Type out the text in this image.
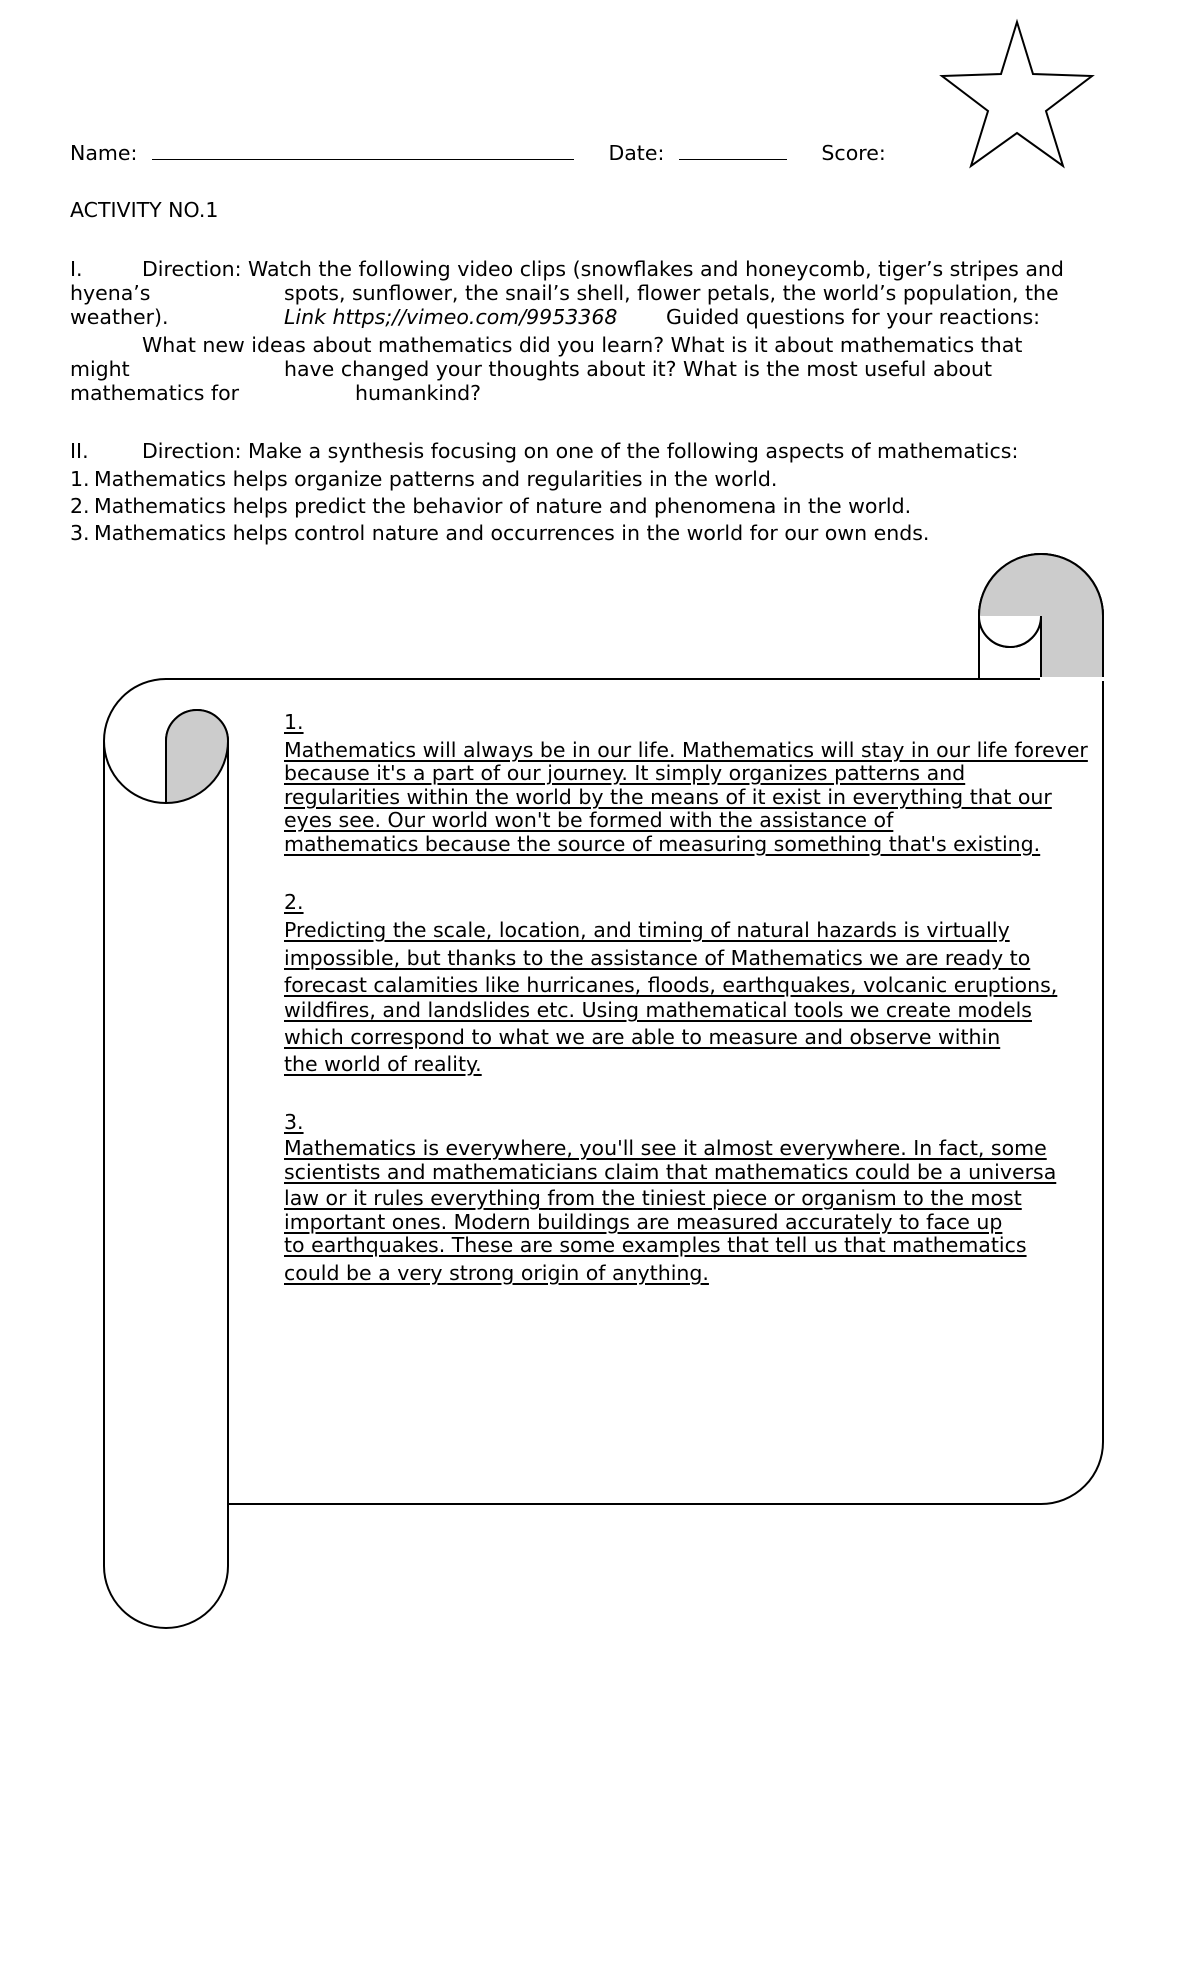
Name:	Date:	Score:
ACTIVITY NO.1
I.	Direction: Watch the following video clips (snowflakes and honeycomb, tiger’s stripes and
hyena’s	spots, sunflower, the snail’s shell, flower petals, the world’s population, the
weather).	Link https;//vimeo.com/9953368 Guided questions for your reactions:
What new ideas about mathematics did you learn? What is it about mathematics that
might	have changed your thoughts about it? What is the most useful about
mathematics for	humankind?
II.	Direction: Make a synthesis focusing on one of the following aspects of mathematics:
1. Mathematics helps organize patterns and regularities in the world.
2. Mathematics helps predict the behavior of nature and phenomena in the world.
3. Mathematics helps control nature and occurrences in the world for our own ends.
1.
Mathematics will always be in our life. Mathematics will stay in our life forever
because it's a part of our journey. It simply organizes patterns and
regularities within the world by the means of it exist in everything that our
eyes see. Our world won't be formed with the assistance of
mathematics because the source of measuring something that's existing.
2.
Predicting the scale, location, and timing of natural hazards is virtually
impossible, but thanks to the assistance of Mathematics we are ready to
forecast calamities like hurricanes, floods, earthquakes, volcanic eruptions,
wildfires, and landslides etc. Using mathematical tools we create models
which correspond to what we are able to measure and observe within
the world of reality.
3.
Mathematics is everywhere, you'll see it almost everywhere. In fact, some
scientists and mathematicians claim that mathematics could be a universa
law or it rules everything from the tiniest piece or organism to the most
important ones. Modern buildings are measured accurately to face up
to earthquakes. These are some examples that tell us that mathematics
could be a very strong origin of anything.
